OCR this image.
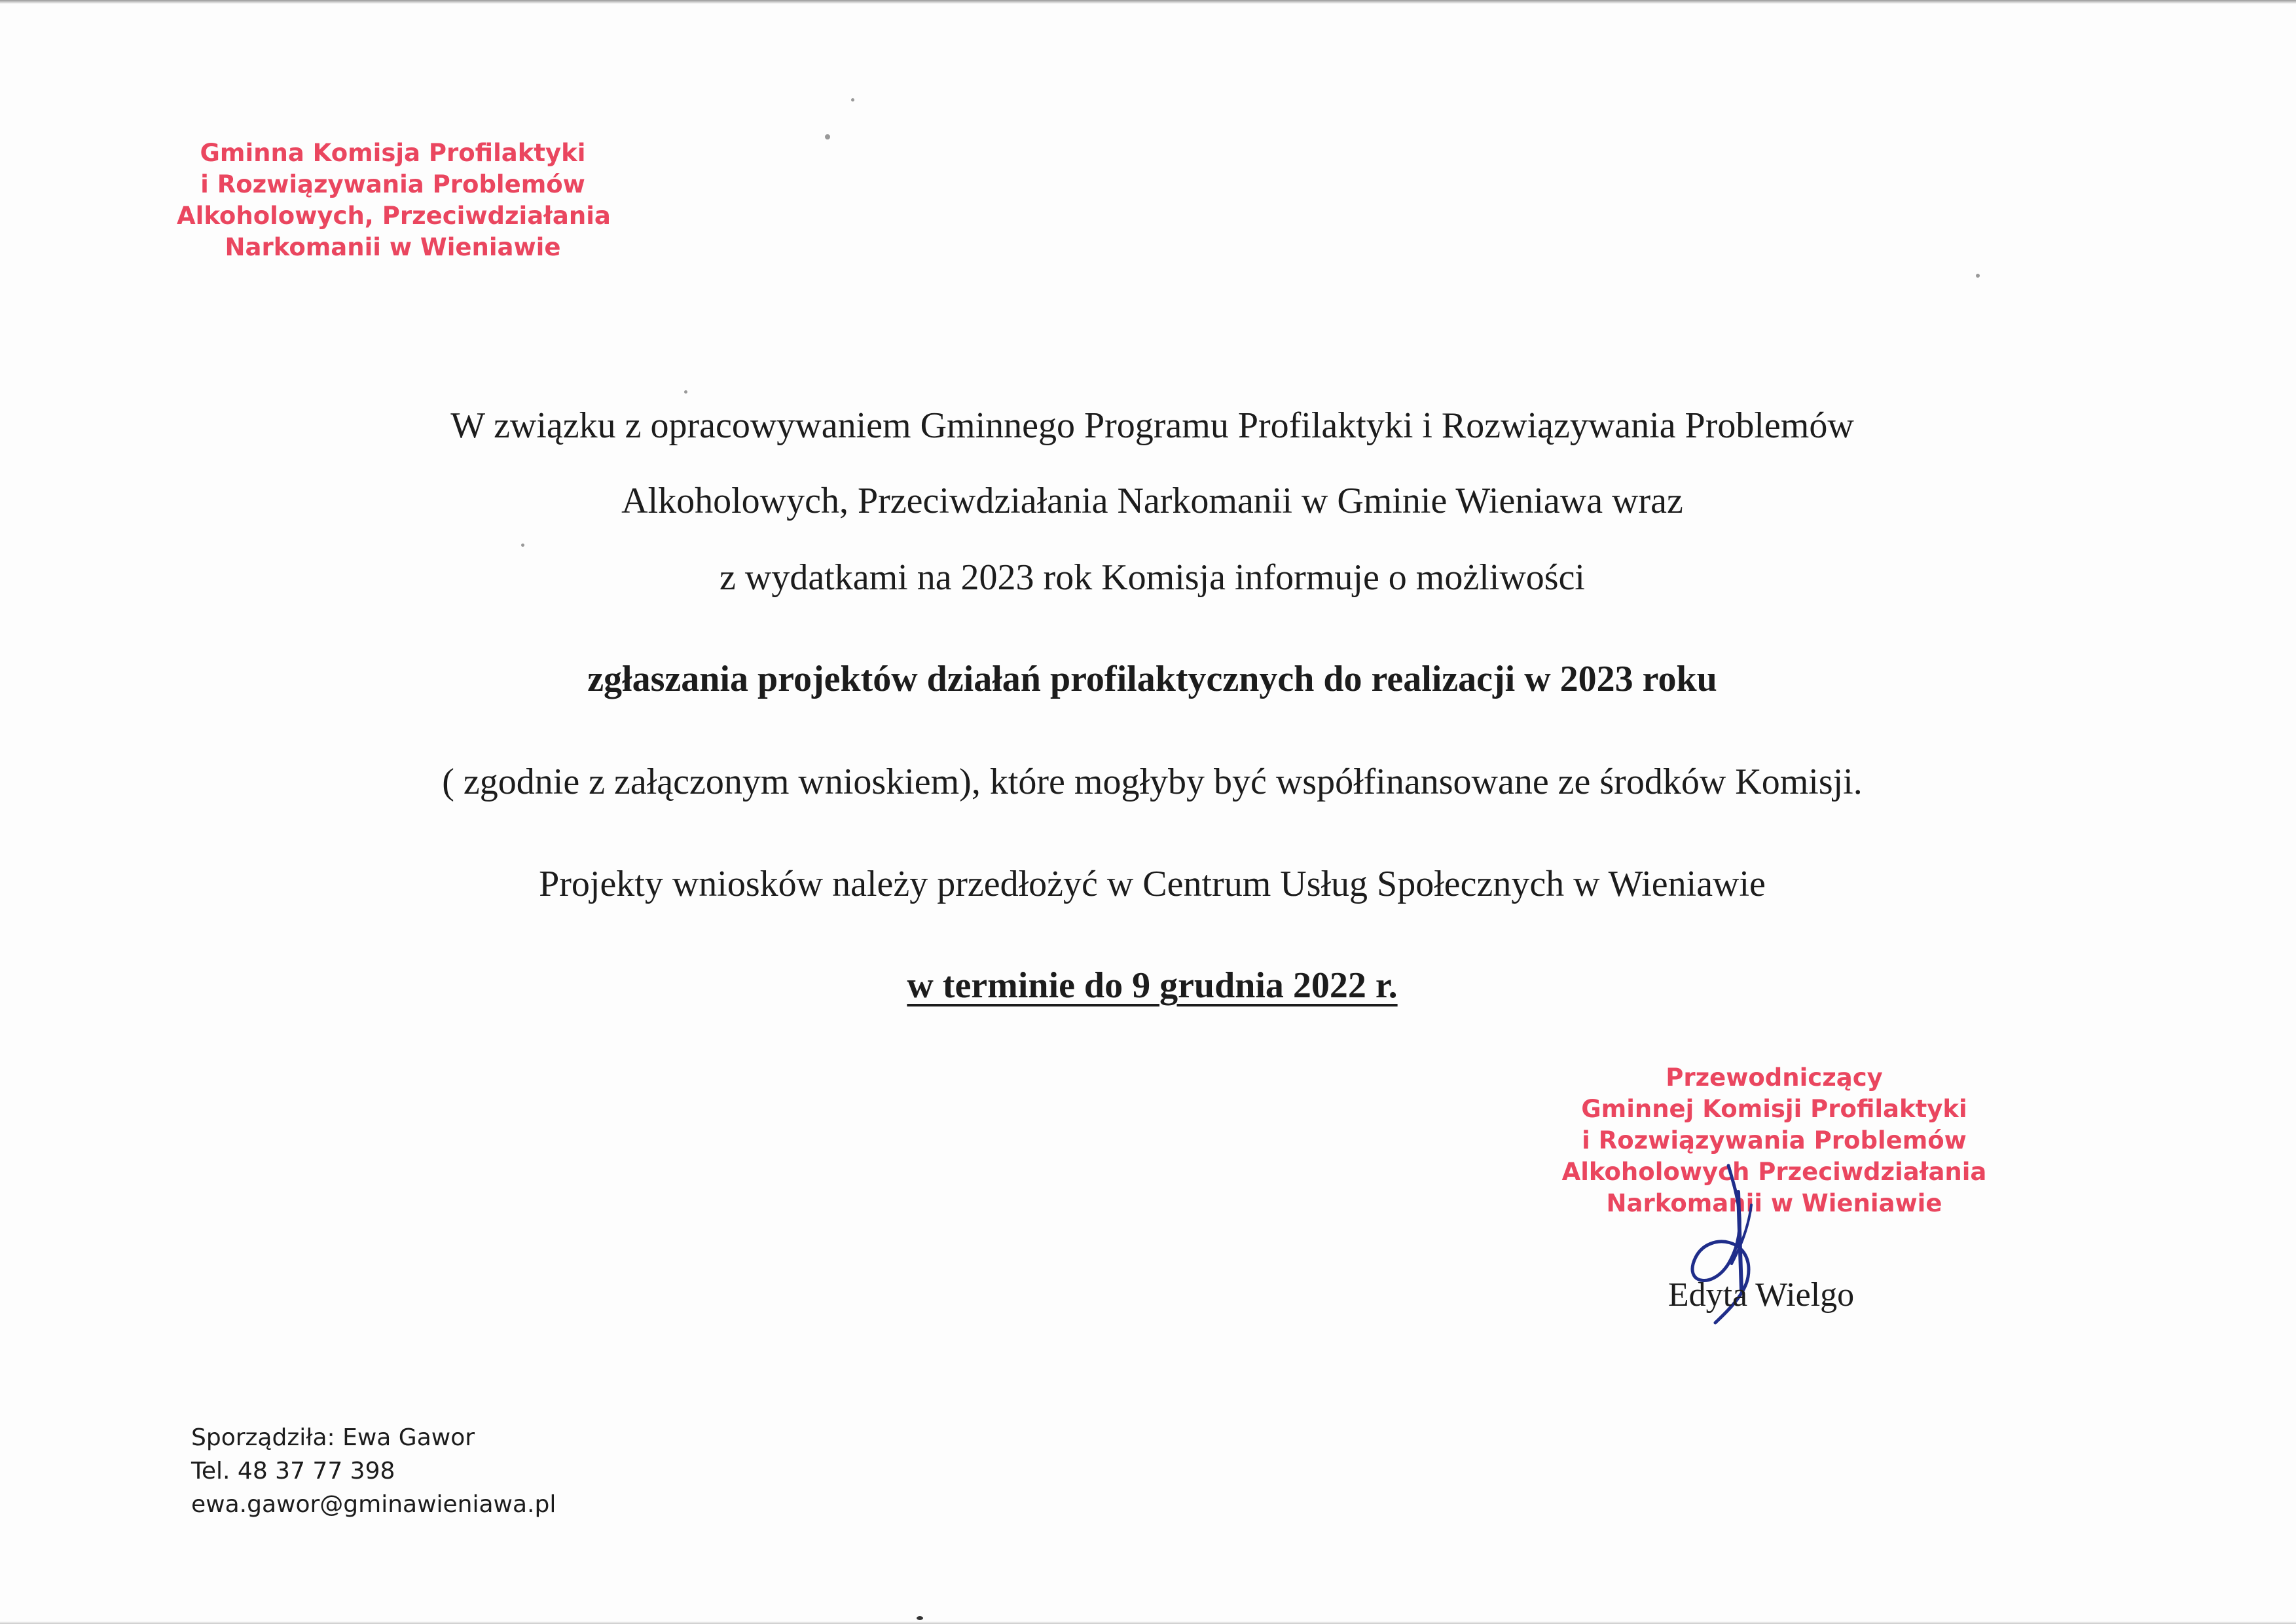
Gminna Komisja Profilaktyki
i Rozwiązywania Problemów
Alkoholowych, Przeciwdziałania
Narkomanii w Wieniawie
W związku z opracowywaniem Gminnego Programu Profilaktyki i Rozwiązywania Problemów
Alkoholowych, Przeciwdziałania Narkomanii w Gminie Wieniawa wraz
z wydatkami na 2023 rok Komisja informuje o możliwości
zgłaszania projektów działań profilaktycznych do realizacji w 2023 roku
( zgodnie z załączonym wnioskiem), które mogłyby być współfinansowane ze środków Komisji.
Projekty wniosków należy przedłożyć w Centrum Usług Społecznych w Wieniawie
w terminie do 9 grudnia 2022 r.
Przewodniczący
Gminnej Komisji Profilaktyki
i Rozwiązywania Problemów
Alkoholowych Przeciwdziałania
Narkomanii w Wieniawie
Edyta Wielgo
Sporządziła: Ewa Gawor
Tel. 48 37 77 398
ewa.gawor@gminawieniawa.pl
